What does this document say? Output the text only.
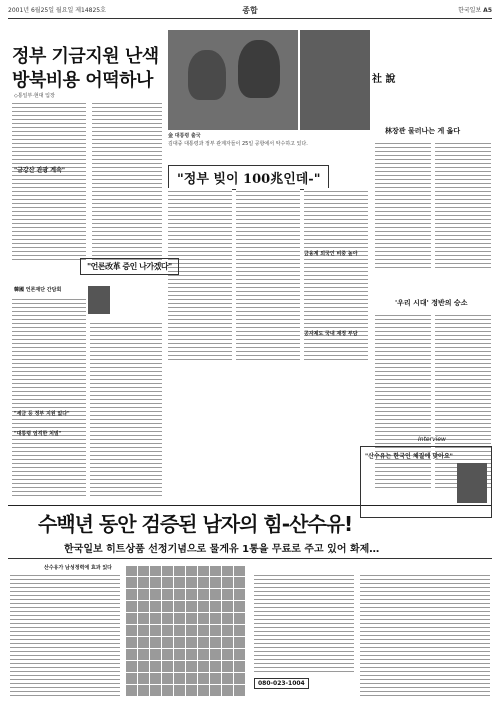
2001년 6월25일 월요일 제14825호	종합	한국일보 A5
정부 기금지원 난색
방북비용 어떡하나
◇통일부·현대 입장
"금강산 관광 계속"
金 대통령 출국
김대중 대통령과 정부 관계자들이 25일 공항에서 악수하고 있다.
"정부 빚이 100兆인데-"
금융계 외국인 비중 높아
공자제도 국내 재정 부담
"언론改革 증인 나가겠다"
韓國 언론재단 간담회
"세금 등 정부 지원 없다"
"대통령 엄격한 처벌"
社 說
林장관 물러나는 게 옳다
'우리 시대' 정반의 승소
수백년 동안 검증된 남자의 힘-산수유!
한국일보 히트상품 선정기념으로 물게유 1통을 무료로 주고 있어 화제…
산수유가 남성정력에 효과 있다
080-023-1004
Interview
"산수유는 한국인 체질에 맞아요"
